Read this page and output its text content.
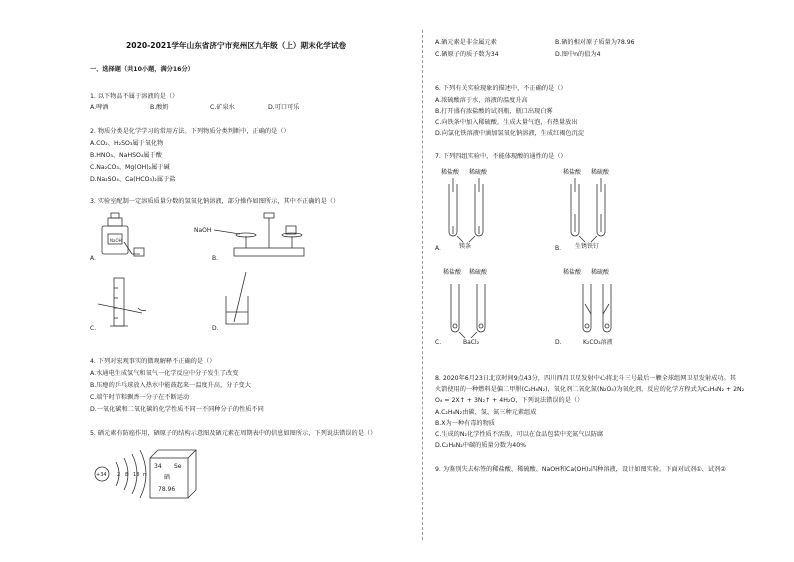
2020-2021学年山东省济宁市兖州区九年级（上）期末化学试卷
一、选择题（共10小题，满分16分）
1. 以下物品不属于溶液的是（）
A.啤酒	B.酸奶	C.矿泉水	D.可口可乐
2. 物质分类是化学学习的常用方法。下列物质分类判断中，正确的是（）
A.CO₂、H₂SO₃属于氧化物
B.HNO₃、NaHSO₄属于酸
C.Na₂CO₃、Mg(OH)₂属于碱
D.Na₂SO₄、Ca(HCO₃)₂属于盐
3. 实验室配制一定溶质质量分数的氢氧化钠溶液，部分操作如图所示，其中不正确的是（）
NaOH
A.
NaOH
B.
C.	D.
4. 下列对宏观事实的微观解释不正确的是（）
A.水通电生成氢气和氧气一化学反应中分子发生了改变
B.压瘪的乒乓球放入热水中能鼓起来一温度升高，分子变大
C.端午时节粽飘香一分子在不断运动
D.一氧化碳和二氧化碳的化学性质不同一不同种分子的性质不同
5. 硒元素有防癌作用，硒原子的结构示意图及硒元素在周期表中的信息如图所示，下列说法错误的是（）
+34 2 8 18 n
34 Se
硒
78.96
A.硒元素是非金属元素	B.硒的相对原子质量为78.96
C.硒原子的质子数为34	D.图中n的值为4
6. 下列有关实验现象的描述中，不正确的是（）
A.浓硫酸溶于水，溶液的温度升高
B.打开盛有浓盐酸的试剂瓶，瓶口出现白雾
C.向铁条中加入稀硫酸，生成大量气泡，有热量放出
D.向氯化铁溶液中滴加氢氧化钠溶液，生成红褐色沉淀
7. 下列四组实验中，不能体现酸的通性的是（）
稀盐酸 稀硫酸
镁条
A.
稀盐酸 稀硫酸
生锈铁钉
B.
稀盐酸 稀硫酸
BaCl₂
C.
稀盐酸 稀硫酸
K₂CO₃溶液
D.
8. 2020年6月23日北京时间9点43分，四川西昌卫星发射中心将北斗三号最后一颗全球组网卫星发射成功。其
火箭使用的一种燃料是偏二甲肼(C₂H₈N₂)，氧化剂二氧化氮(N₂O₄)为氧化剂，反应的化学方程式为C₂H₈N₂ + 2N₂
O₄ = 2X↑ + 3N₂↑ + 4H₂O，下列说法错误的是（）
A.C₂H₈N₂由碳、氢、氮三种元素组成
B.X为一种有毒的物质
C.生成的N₂化学性质不活泼，可以在食品包装中充氮气以防腐
D.C₂H₈N₂中碳的质量分数为40%
9. 为鉴别失去标签的稀盐酸、稀硫酸、NaOH和Ca(OH)₂四种溶液，设计如图实验。下面对试剂①、试剂②
